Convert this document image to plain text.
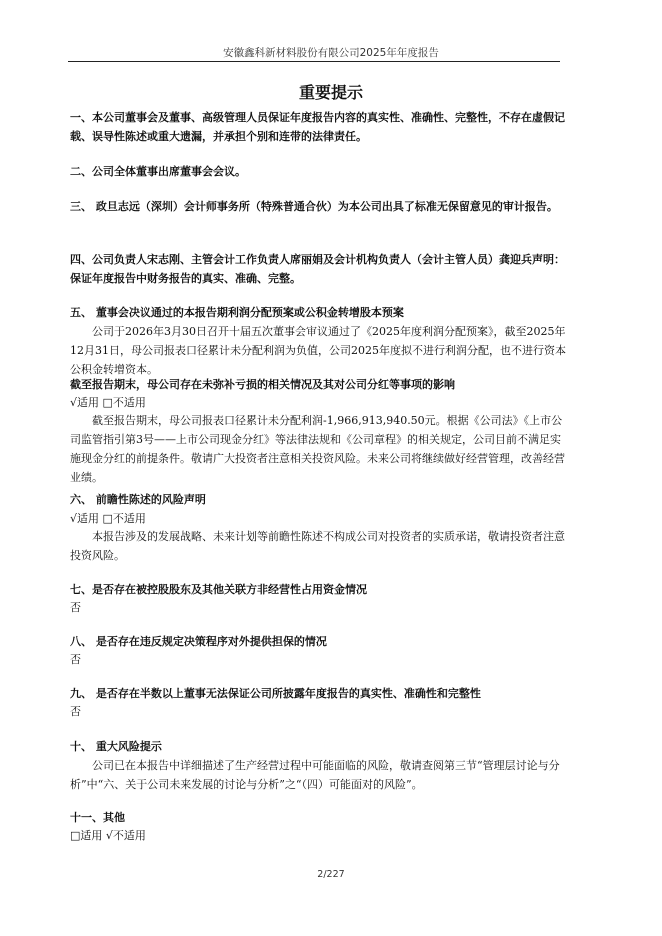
安徽鑫科新材料股份有限公司2025年年度报告
重要提示
一、本公司董事会及董事、高级管理人员保证年度报告内容的真实性、准确性、完整性，不存在虚假记载、误导性陈述或重大遗漏，并承担个别和连带的法律责任。
二、公司全体董事出席董事会会议。
三、 政旦志远（深圳）会计师事务所（特殊普通合伙）为本公司出具了标准无保留意见的审计报告。
四、公司负责人宋志刚、主管会计工作负责人席丽娟及会计机构负责人（会计主管人员）龚迎兵声明：保证年度报告中财务报告的真实、准确、完整。
五、 董事会决议通过的本报告期利润分配预案或公积金转增股本预案
公司于2026年3月30日召开十届五次董事会审议通过了《2025年度利润分配预案》，截至2025年12月31日，母公司报表口径累计未分配利润为负值，公司2025年度拟不进行利润分配，也不进行资本公积金转增资本。
截至报告期末，母公司存在未弥补亏损的相关情况及其对公司分红等事项的影响
√适用 □不适用
截至报告期末，母公司报表口径累计未分配利润-1,966,913,940.50元。根据《公司法》《上市公司监管指引第3号——上市公司现金分红》等法律法规和《公司章程》的相关规定，公司目前不满足实施现金分红的前提条件。敬请广大投资者注意相关投资风险。未来公司将继续做好经营管理，改善经营业绩。
六、 前瞻性陈述的风险声明
√适用 □不适用
本报告涉及的发展战略、未来计划等前瞻性陈述不构成公司对投资者的实质承诺，敬请投资者注意投资风险。
七、是否存在被控股股东及其他关联方非经营性占用资金情况
否
八、 是否存在违反规定决策程序对外提供担保的情况
否
九、 是否存在半数以上董事无法保证公司所披露年度报告的真实性、准确性和完整性
否
十、 重大风险提示
公司已在本报告中详细描述了生产经营过程中可能面临的风险，敬请查阅第三节“管理层讨论与分析”中“六、关于公司未来发展的讨论与分析”之“（四）可能面对的风险”。
十一、其他
□适用 √不适用
2/227
